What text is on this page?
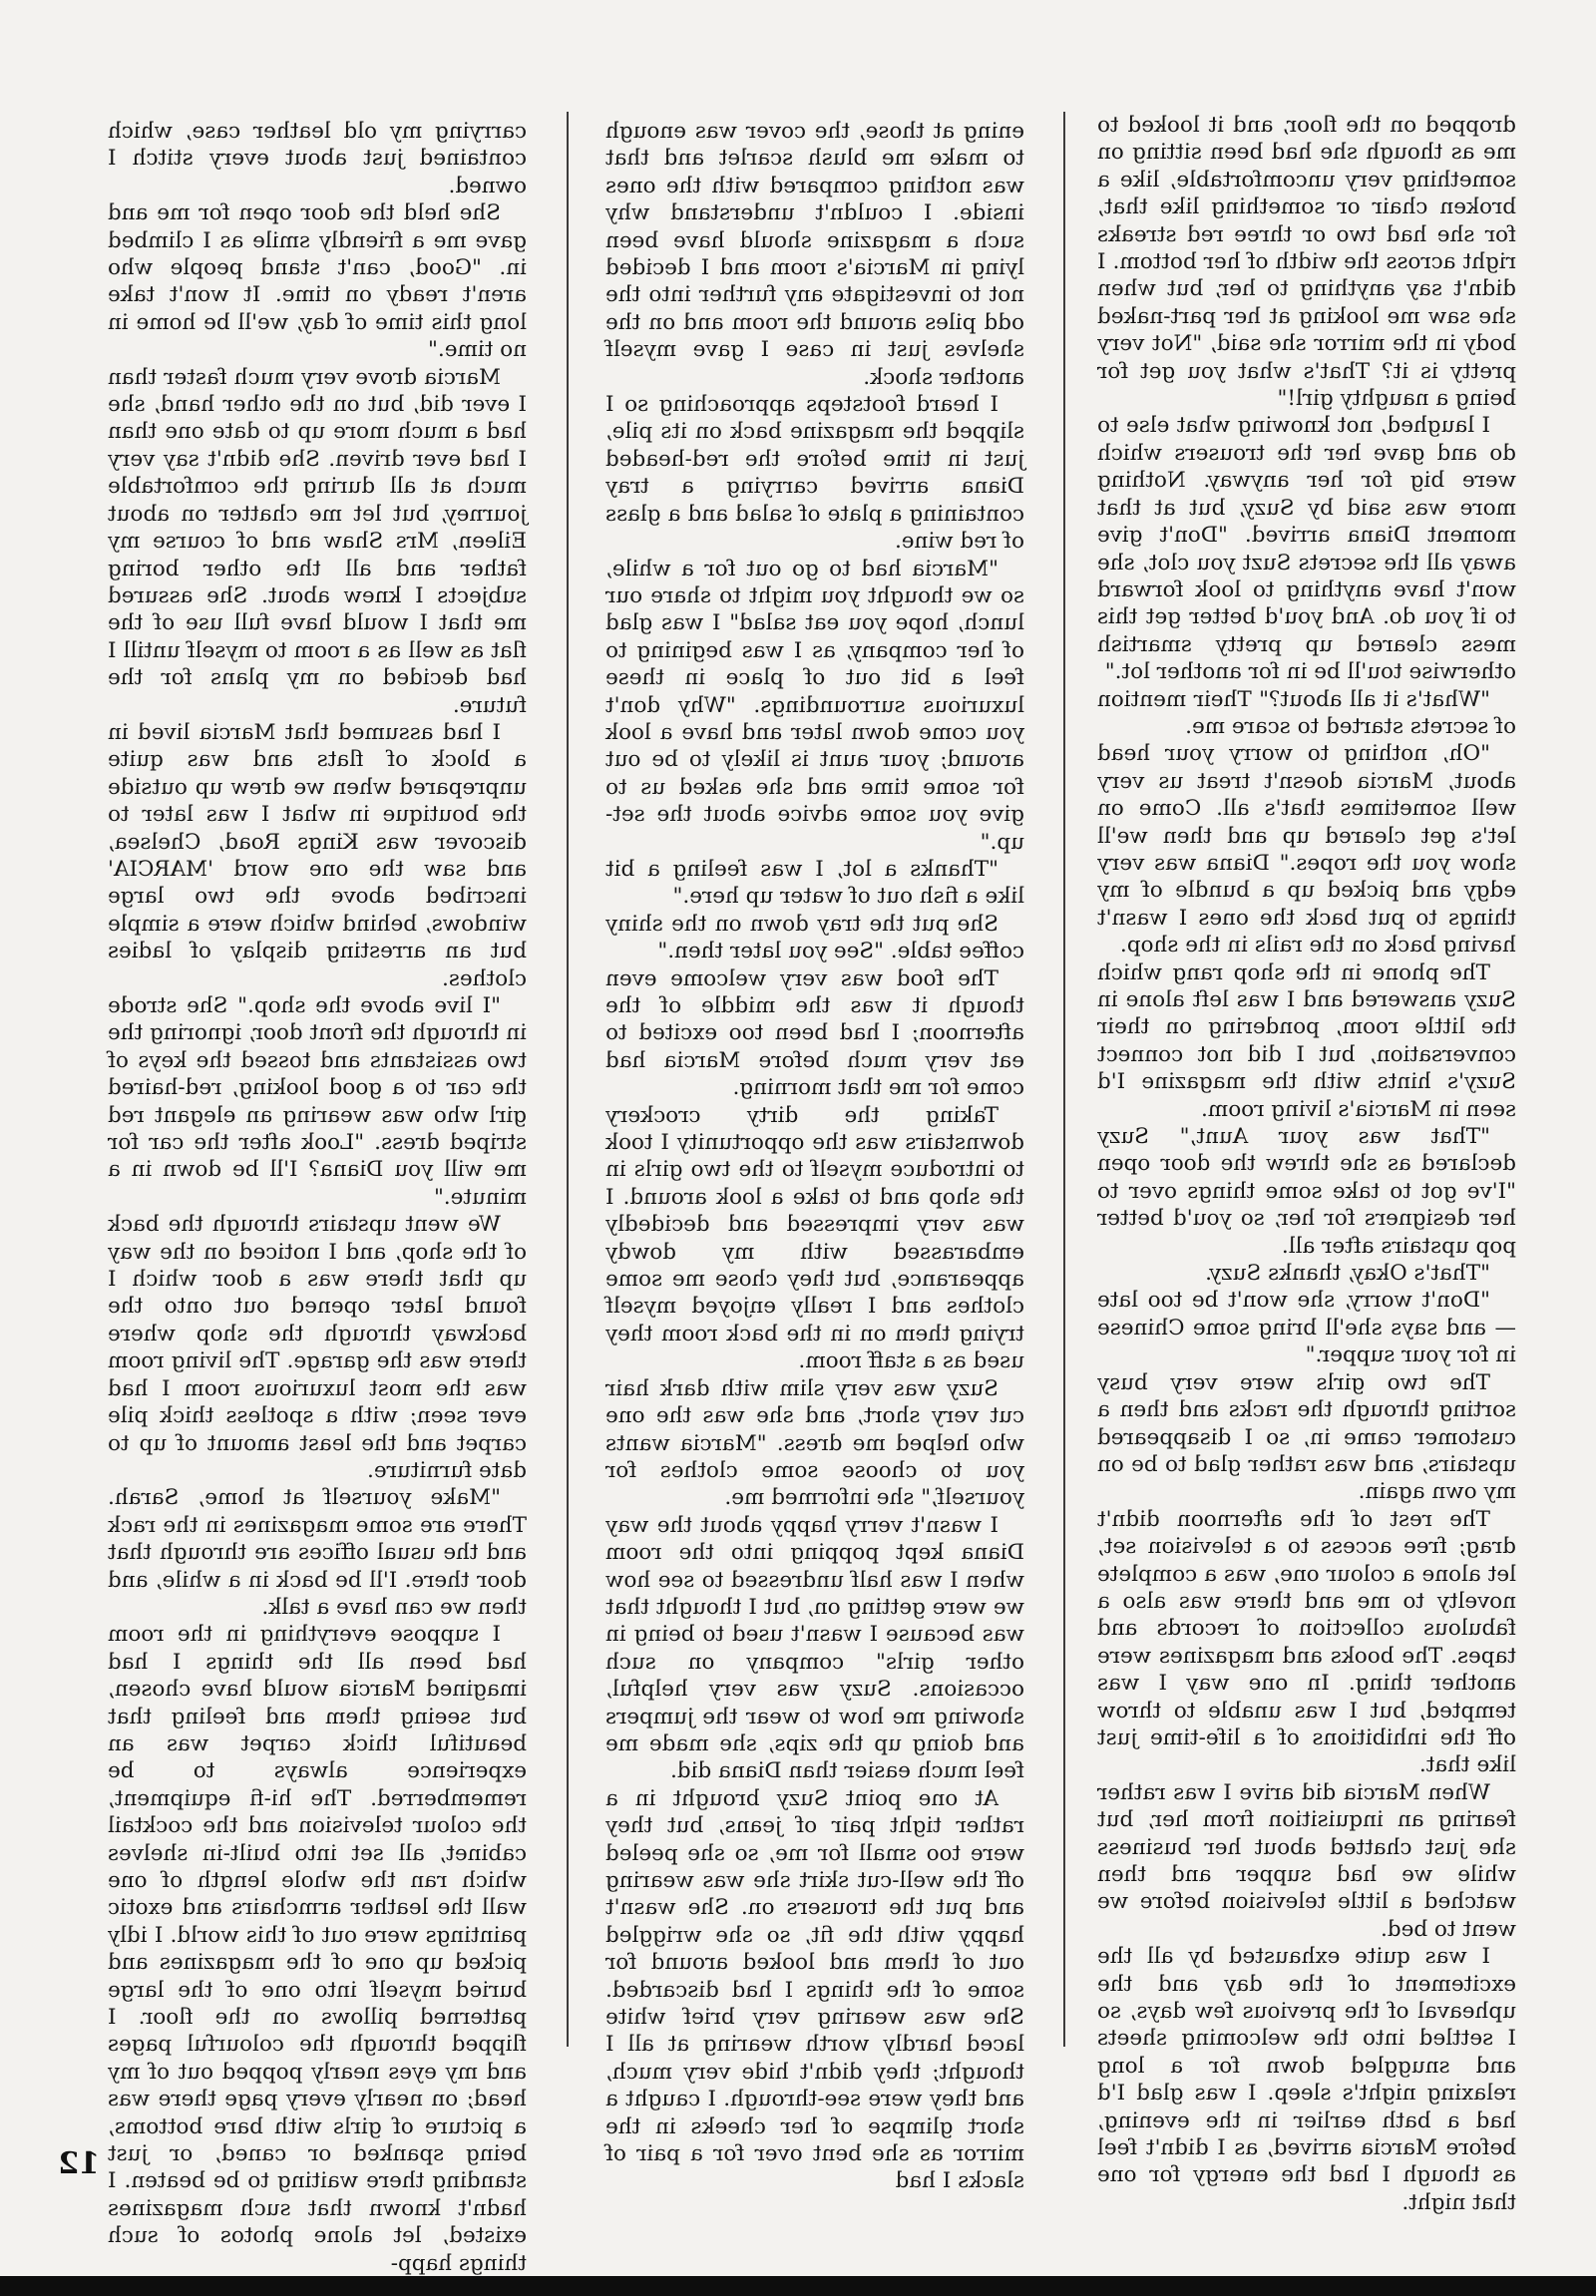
dropped on the floor, and it looked to me as though she had been sitting on something very uncomfortable, like a broken chair or something like that, for she had two or three red streaks right across the width of her bottom. I didn't say anything to her, but when she saw me looking at her part-naked body in the mirror she said, "Not very pretty is it? That's what you get for being a naughty girl!"

I laughed, not knowing what else to do and gave her the trousers which were big for her anyway. Nothing more was said by Suzy, but at that moment Diana arrived. "Don't give away all the secrets Suzt you clot, she won't have anything to look forward to if you do. And you'd better get this mess cleared up pretty smartish otherwise tou'll be in for another lot."

"What's it all about?" Their mention of secrets started to scare me.

"Oh, nothing to worry your head about, Marcia doesn't treat us very well sometimes that's all. Come on let's get cleared up and then we'll show you the ropes." Diana was very edgy and picked up a bundle of my things to put back the ones I wasn't having back on the rails in the shop.

The phone in the shop rang which Suzy answered and I was left alone in the little room, pondering on their conversation, but I did not connect Suzy's hints with the magazine I'd seen in Marcia's living room.

"That was your Aunt," Suzy declared as she threw the door open "I've got to take some things over to her designers for her, so you'd better pop upstairs after all.

"That's Okay, thanks Suzy.

"Don't worry, she won't be too late — and says she'll bring some Chinese in for your supper."

The two girls were very busy sorting through the racks and then a customer came in, so I disappeared upstairs, and was rather glad to be on my own again.

The rest of the afternoon didn't drag; free access to a television set, let alone a colour one, was a complete novelty to me and there was also a fabulous collection of records and tapes. The books and magazines were another thing. In one way I was tempted, but I was unable to throw off the inhibitions of a life-time just like that.

When Marcia did arive I was rather fearing an inquisition from her, but she just chatted about her business while we had supper and then watched a little television before we went to bed.

I was quite exhausted by all the excitement of the day and the upheaval of the previous few days, so I settled into the welcoming sheets and snuggled down for a long relaxing night's sleep. I was glad I'd had a bath earlier in the evening, before Marcia arrived, as I didn't feel as though I had the energy for one that night.

ening at those, the cover was enough to make me blush scarlet and that was nothing compared with the ones inside. I couldn't understand why such a magazine should have been lying in Marcia's room and I decided not to investigate any further into the odd piles around the room and on the shelves just in case I gave myself another shock.

I heard footsteps approaching so I slipped the magazine back on its pile, just in time before the red-headed Diana arrived carrying a tray containing a plate of salad and a glass of red wine.

"Marcia had to go out for a while, so we thought you might to share our lunch, hope you eat salad" I was glad of her company, as I was begining to feel a bit out of place in these luxurious surroundings. "Why don't you come down later and have a look around; your aunt is likely to be out for some time and she asked us to give you some advice about the set-up."

"Thanks a lot, I was feeling a bit like a fish out of water up here."

She put the tray down on the shiny coffee table. "See you later then."

The food was very welcome even though it was the middle of the afternoon; I had been too excited to eat very much before Marcia had come for me that morning.

Taking the dirty crockery downstairs was the opportunity I took to introduce myself to the two girls in the shop and to take a look around. I was very impressed and decidedly embarassed with my dowdy appearance, but they chose me some clothes and I really enjoyed myself trying them on in the back room they used as a staff room.

Suzy was very slim with dark hair cut very short, and she was the one who helped me dress. "Marcia wants you to choose some clothes for yourself," she informed me.

I wasn't verry happy about the way Diana kept popping into the room when I was half undressed to see how we were getting on, but I thought that was because I wasn't used to being in other girls" company on such occasions. Suzy was very helpful, showing me how to wear the jumpers and doing up the zips, she made me feel much easier than Diana did.

At one point Suzy brought in a rather tight pair of jeans, but they were too small for me, so she peeled off the well-cut skirt she was wearing and put the trousers on. She wasn't happy with the fit, so she wriggled out of them and looked around for some of the things I had discarded. She was wearing very brief white laced hardly worth wearing at all I thought; they didn't hide very much, and they were see-through. I caught a short glimpse of her cheeks in the mirror as she bent over for a pair of slacks I had

carrying my old leather case, which contained just about every stitch I owned.

She held the door open for me and gave me a friendly smile as I climbed in. "Good, can't stand people who aren't ready on time. It won't take long this time of day, we'll be home in no time."

Marcia drove very much faster than I ever did, but on the other hand, she had a much more up to date one than I had ever driven. She didn't say very much at all during the comfortable journey, but let me chatter on about Eileen, Mrs Shaw and of course my father and all the other boring subjects I knew about. She assured me that I would have full use of the flat as well as a room to myself untill I had decided on my plans for the future.

I had assumed that Marcia lived in a block of flats and was quite unprepared when we drew up outside the boutique in what I was later to discover was Kings Road, Chelsea, and saw the one word 'MARCIA' inscribed above the two large windows, behind which were a simple but an arresting display of ladies clothes.

"I live above the shop." She strode in through the front door, ignoring the two assistants and tossed the keys of the car to a good looking, red-haired girl who was wearing an elegant red striped dress. "Look after the car for me will you Diana? I'll be down in a minute."

We went upstairs through the back of the shop, and I noticed on the way up that there was a door which I found later opened out onto the backway through the shop where there was the garage. The living room was the most luxurious room I had ever seen; with a spotless thick pile carpet and the least amount of up to date furniture.

"Make yourself at home, Sarah. There are some magazines in the rack and the usual offices are through that door there. I'll be back in a while, and then we can have a talk.

I suppose everything in the room had been all the things I had imagined Marcia would have chosen, but seeing them and feeling that beautiful thick carpet was an experience always to be rememberred. The hi-fi equipment, the colour television and the cocktail cabinet, all set into built-in shelves which ran the whole length of one wall the leather armchairs and exotic paintings were out of this world. I idly picked up one of the magazines and buried myself into one of the large patterned pillows on the floor. I flipped through the colourful pages and my eyes nearly popped out of my head; on nearly every page there was a picture of girls with bare bottoms, being spanked or caned, or just standing there waiting to be beaten. I hadn't known that such magazines existed, let alone photos of such things happ-

12
